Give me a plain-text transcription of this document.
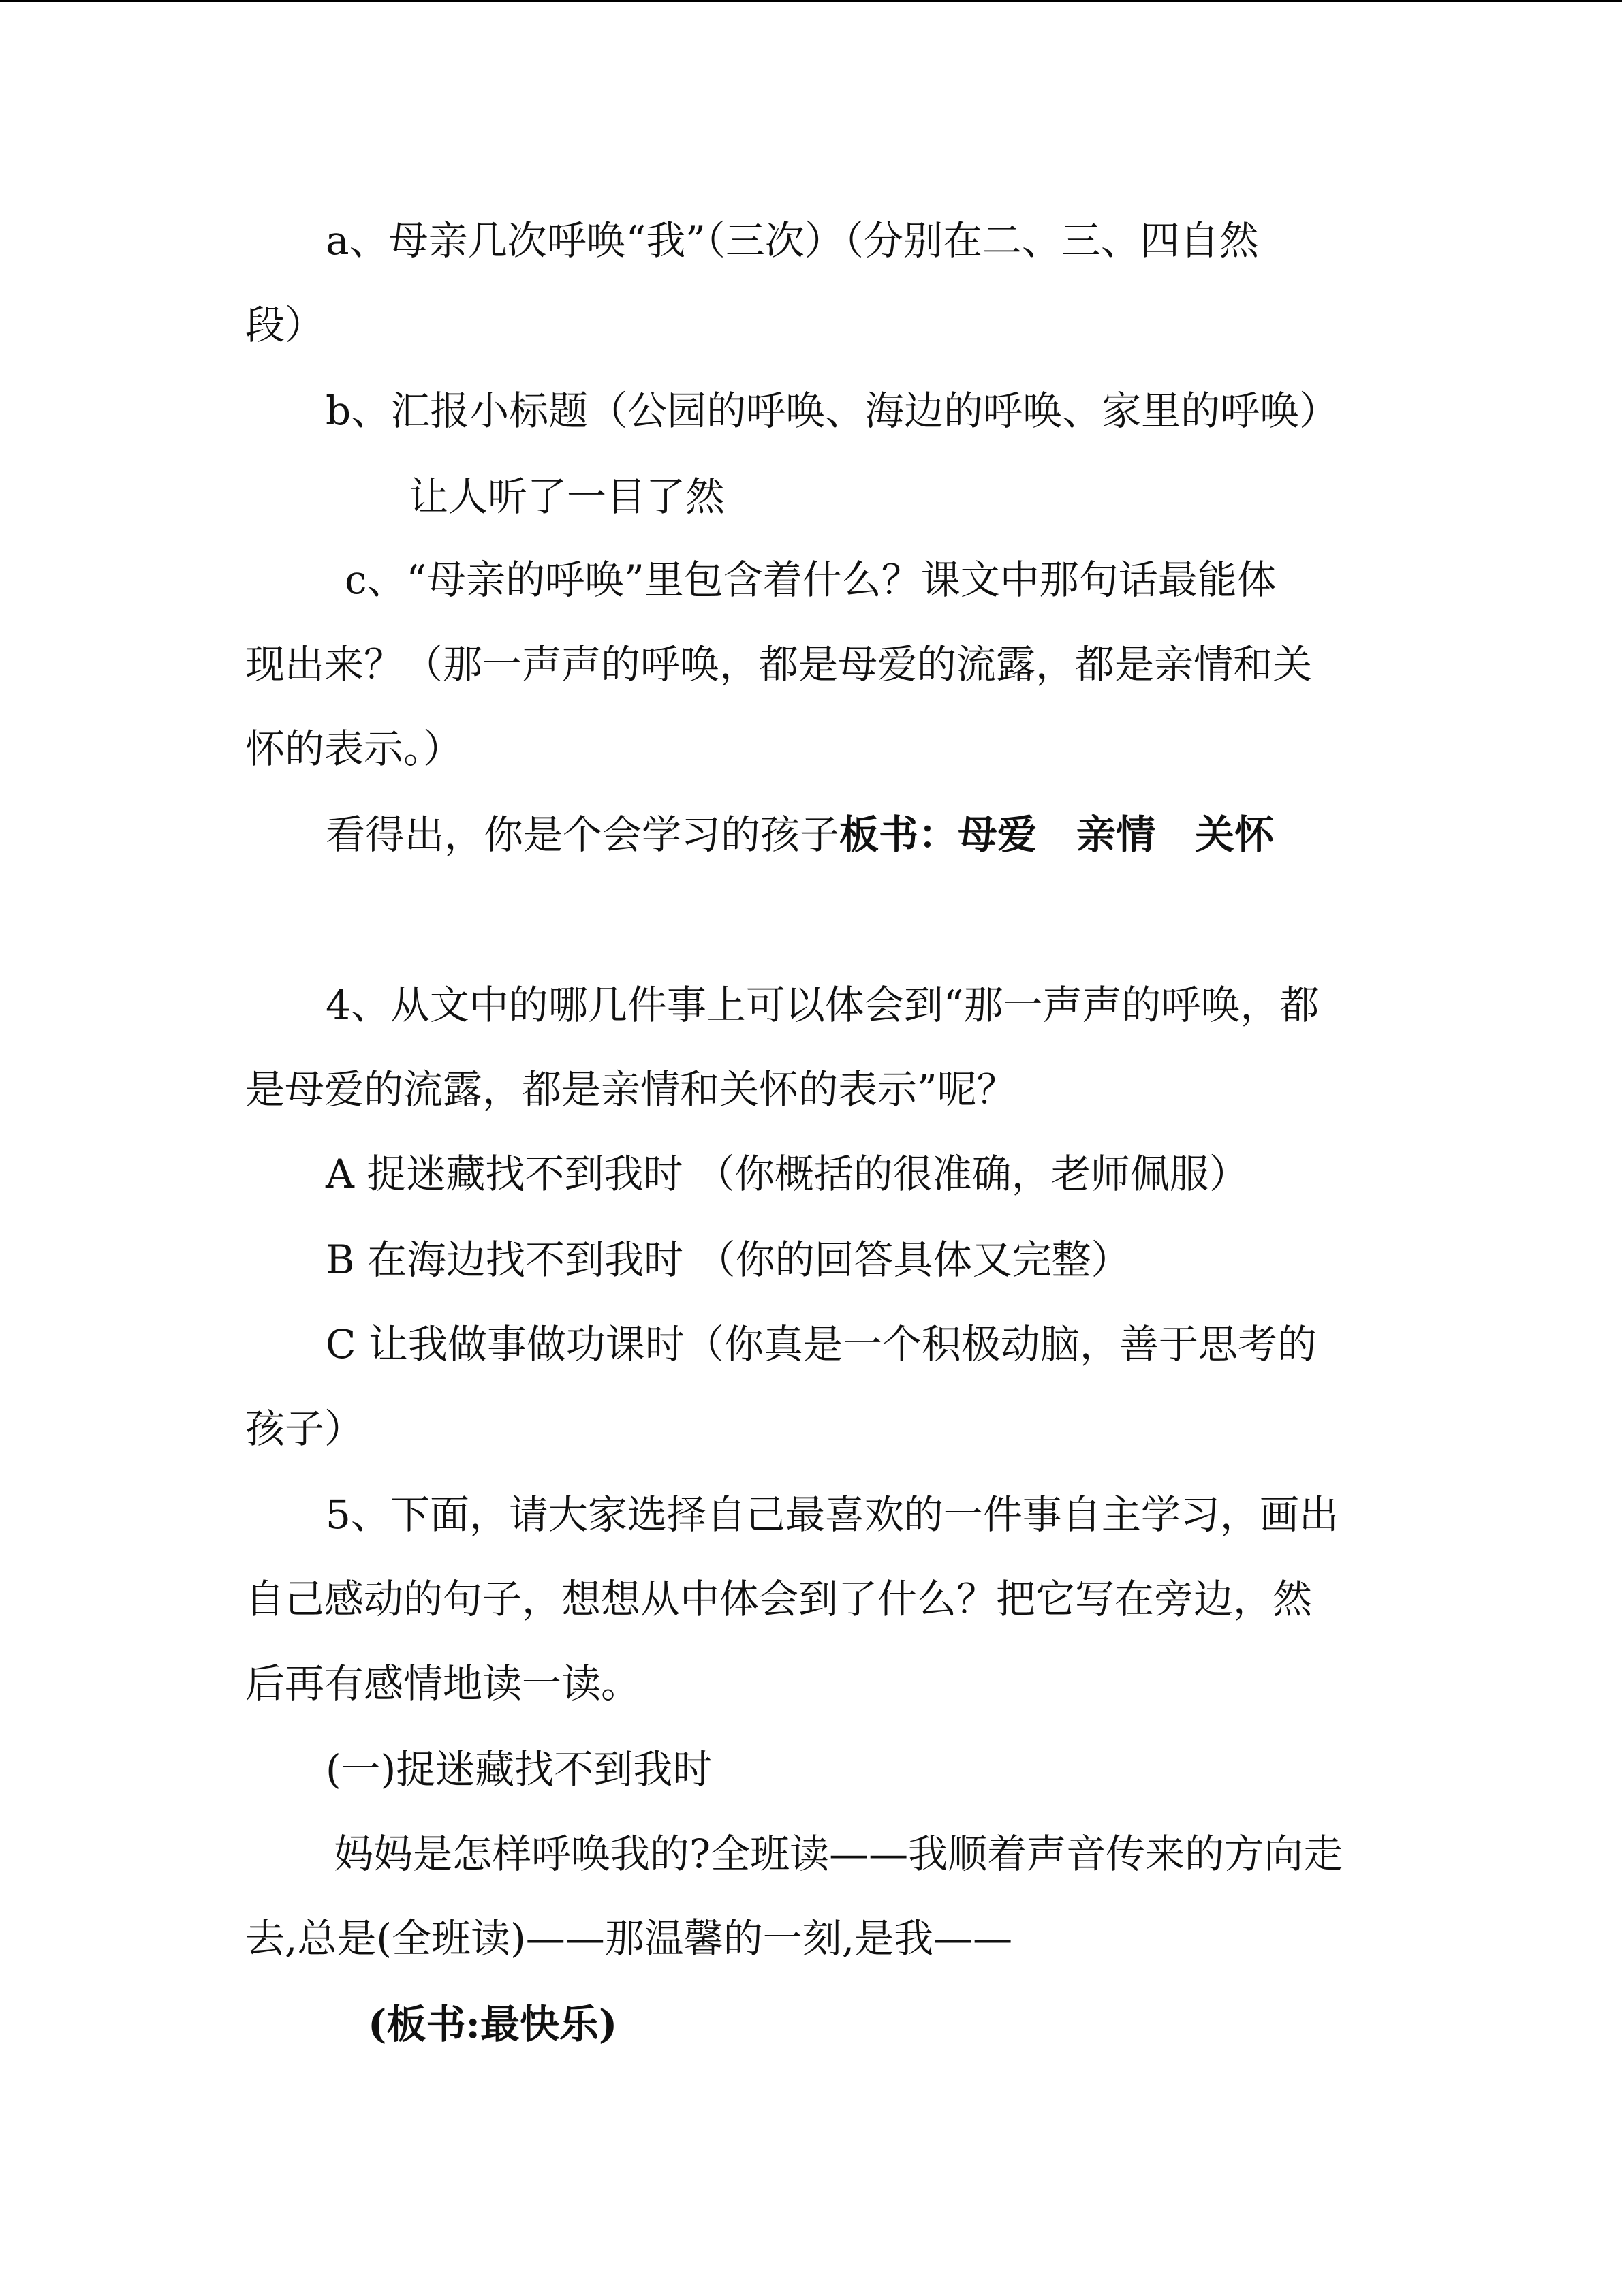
a、母亲几次呼唤“我”（三次）（分别在二、三、四自然

段）

b、汇报小标题（公园的呼唤、海边的呼唤、家里的呼唤）

让人听了一目了然

c、“母亲的呼唤”里包含着什么？课文中那句话最能体

现出来？（那一声声的呼唤，都是母爱的流露，都是亲情和关

怀的表示。）

看得出，你是个会学习的孩子板书：母爱 亲情 关怀

4、从文中的哪几件事上可以体会到“那一声声的呼唤，都

是母爱的流露，都是亲情和关怀的表示”呢？

A 捉迷藏找不到我时 （你概括的很准确，老师佩服）

B 在海边找不到我时 （你的回答具体又完整）

C 让我做事做功课时（你真是一个积极动脑，善于思考的

孩子）

5、下面，请大家选择自己最喜欢的一件事自主学习，画出

自己感动的句子，想想从中体会到了什么？把它写在旁边，然

后再有感情地读一读。

(一)捉迷藏找不到我时

妈妈是怎样呼唤我的?全班读——我顺着声音传来的方向走

去,总是(全班读)——那温馨的一刻,是我——

(板书:最快乐)
